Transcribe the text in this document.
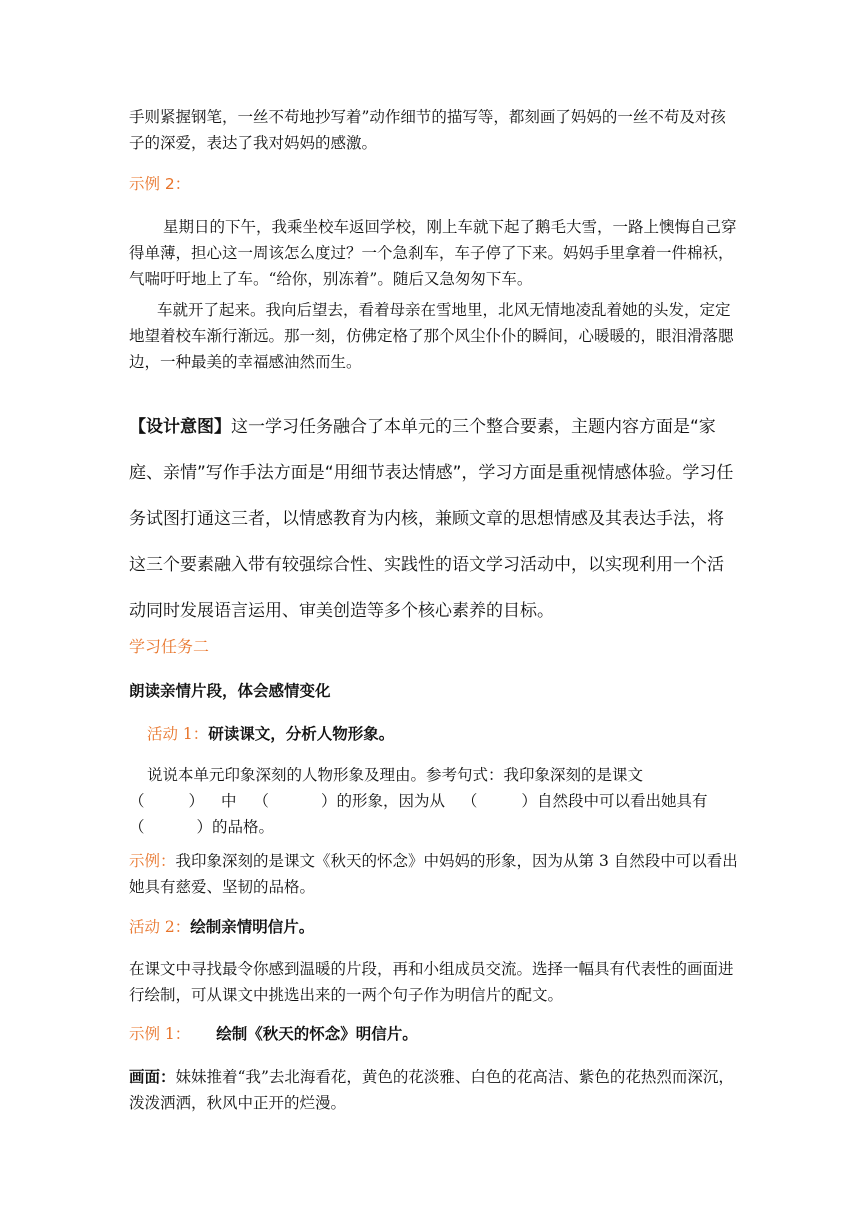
手则紧握钢笔，一丝不苟地抄写着”动作细节的描写等，都刻画了妈妈的一丝不苟及对孩子的深爱，表达了我对妈妈的感激。

示例 2：

星期日的下午，我乘坐校车返回学校，刚上车就下起了鹅毛大雪，一路上懊悔自己穿得单薄，担心这一周该怎么度过？一个急刹车，车子停了下来。妈妈手里拿着一件棉袄，气喘吁吁地上了车。“给你，别冻着”。随后又急匆匆下车。

车就开了起来。我向后望去，看着母亲在雪地里，北风无情地凌乱着她的头发，定定地望着校车渐行渐远。那一刻，仿佛定格了那个风尘仆仆的瞬间，心暖暖的，眼泪滑落腮边，一种最美的幸福感油然而生。

【设计意图】这一学习任务融合了本单元的三个整合要素，主题内容方面是“家庭、亲情”写作手法方面是“用细节表达情感”，学习方面是重视情感体验。学习任务试图打通这三者，以情感教育为内核，兼顾文章的思想情感及其表达手法，将这三个要素融入带有较强综合性、实践性的语文学习活动中，以实现利用一个活动同时发展语言运用、审美创造等多个核心素养的目标。

学习任务二
朗读亲情片段，体会感情变化
活动 1：研读课文，分析人物形象。
说说本单元印象深刻的人物形象及理由。参考句式：我印象深刻的是课文
（	） 中 （	）的形象，因为从 （	）自然段中可以看出她具有
（	）的品格。

示例：我印象深刻的是课文《秋天的怀念》中妈妈的形象，因为从第 3 自然段中可以看出她具有慈爱、坚韧的品格。

活动 2：绘制亲情明信片。

在课文中寻找最令你感到温暖的片段，再和小组成员交流。选择一幅具有代表性的画面进行绘制，可从课文中挑选出来的一两个句子作为明信片的配文。

示例 1： 绘制《秋天的怀念》明信片。

画面：妹妹推着“我”去北海看花，黄色的花淡雅、白色的花高洁、紫色的花热烈而深沉，泼泼洒洒，秋风中正开的烂漫。
